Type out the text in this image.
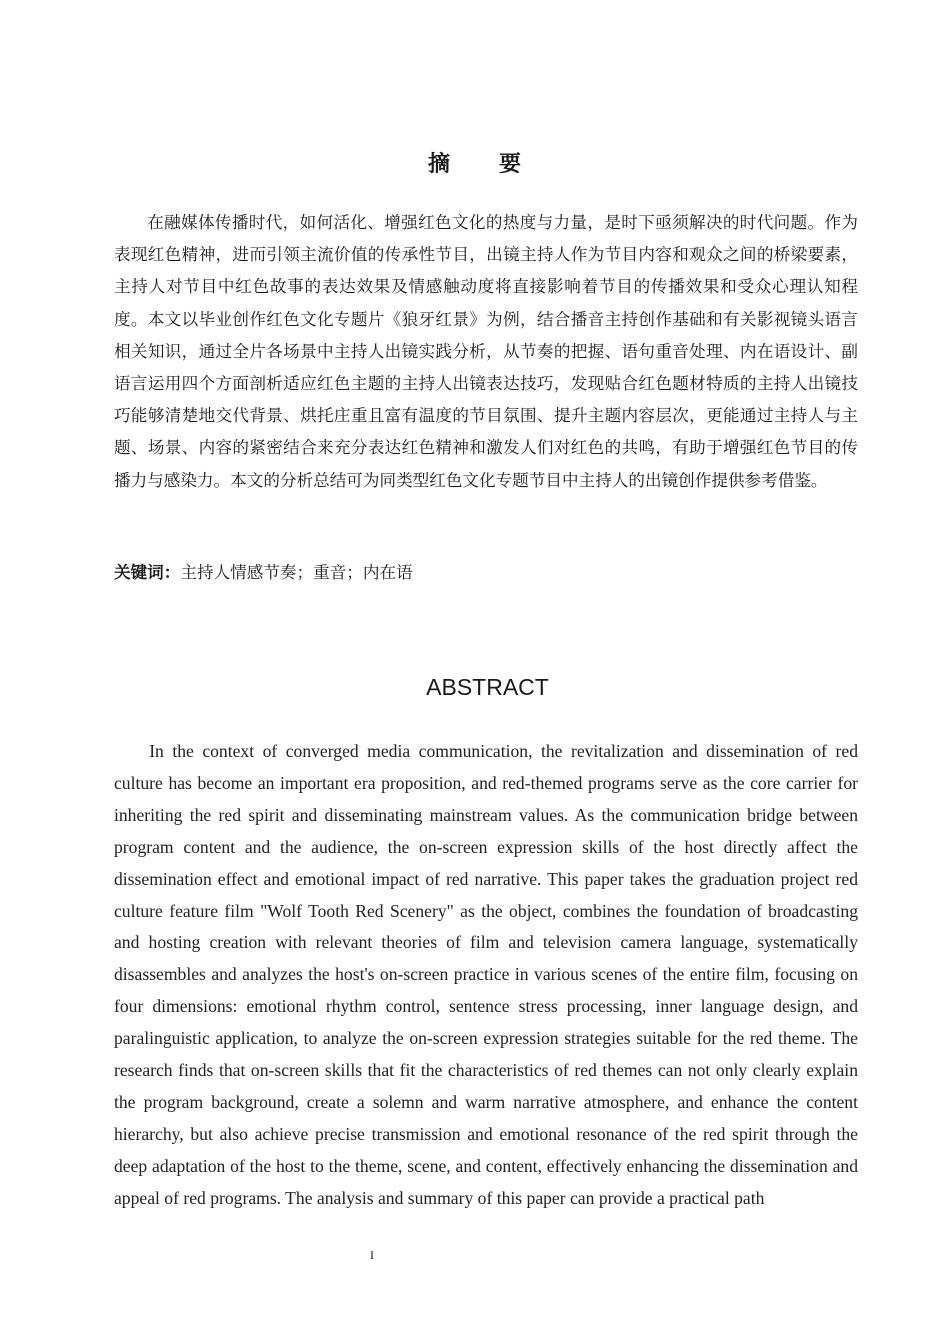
摘 要

在融媒体传播时代，如何活化、增强红色文化的热度与力量，是时下亟须解决的时代问题。作为表现红色精神，进而引领主流价值的传承性节目，出镜主持人作为节目内容和观众之间的桥梁要素，主持人对节目中红色故事的表达效果及情感触动度将直接影响着节目的传播效果和受众心理认知程度。本文以毕业创作红色文化专题片《狼牙红景》为例，结合播音主持创作基础和有关影视镜头语言相关知识，通过全片各场景中主持人出镜实践分析，从节奏的把握、语句重音处理、内在语设计、副语言运用四个方面剖析适应红色主题的主持人出镜表达技巧，发现贴合红色题材特质的主持人出镜技巧能够清楚地交代背景、烘托庄重且富有温度的节目氛围、提升主题内容层次，更能通过主持人与主题、场景、内容的紧密结合来充分表达红色精神和激发人们对红色的共鸣，有助于增强红色节目的传播力与感染力。本文的分析总结可为同类型红色文化专题节目中主持人的出镜创作提供参考借鉴。

关键词：主持人情感节奏；重音；内在语

ABSTRACT

In the context of converged media communication, the revitalization and dissemination of red culture has become an important era proposition, and red-themed programs serve as the core carrier for inheriting the red spirit and disseminating mainstream values. As the communication bridge between program content and the audience, the on-screen expression skills of the host directly affect the dissemination effect and emotional impact of red narrative. This paper takes the graduation project red culture feature film "Wolf Tooth Red Scenery" as the object, combines the foundation of broadcasting and hosting creation with relevant theories of film and television camera language, systematically disassembles and analyzes the host's on-screen practice in various scenes of the entire film, focusing on four dimensions: emotional rhythm control, sentence stress processing, inner language design, and paralinguistic application, to analyze the on-screen expression strategies suitable for the red theme. The research finds that on-screen skills that fit the characteristics of red themes can not only clearly explain the program background, create a solemn and warm narrative atmosphere, and enhance the content hierarchy, but also achieve precise transmission and emotional resonance of the red spirit through the deep adaptation of the host to the theme, scene, and content, effectively enhancing the dissemination and appeal of red programs. The analysis and summary of this paper can provide a practical path

I
